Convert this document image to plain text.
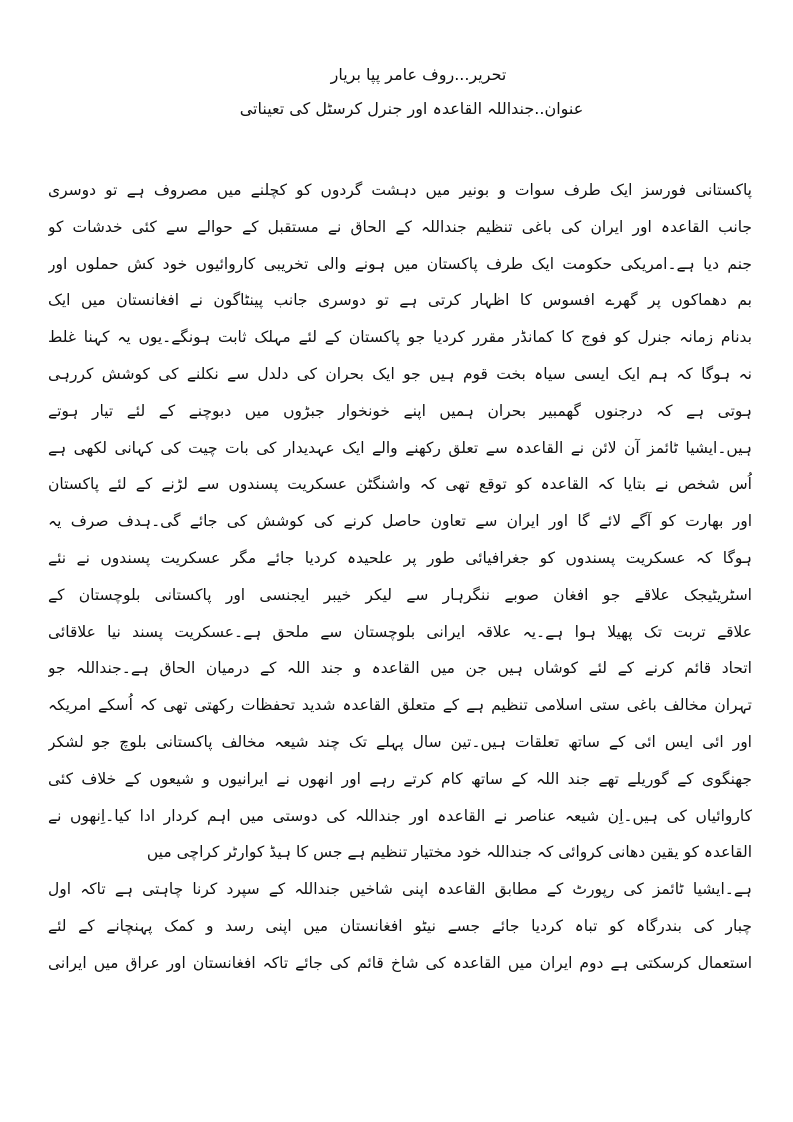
تحریر...روف عامر پپا بریار
عنوان..جنداللہ القاعدہ اور جنرل کرسٹل کی تعیناتی
پاکستانی فورسز ایک طرف سوات و بونیر میں دہشت گردوں کو کچلنے میں مصروف ہے تو دوسری
جانب القاعدہ اور ایران کی باغی تنظیم جنداللہ کے الحاق نے مستقبل کے حوالے سے کئی خدشات کو
جنم دیا ہے۔امریکی حکومت ایک طرف پاکستان میں ہونے والی تخریبی کاروائیوں خود کش حملوں اور
بم دھماکوں پر گھرے افسوس کا اظہار کرتی ہے تو دوسری جانب پینٹاگون نے افغانستان میں ایک
بدنام زمانہ جنرل کو فوج کا کمانڈر مقرر کردیا جو پاکستان کے لئے مہلک ثابت ہونگے۔یوں یہ کہنا غلط
نہ ہوگا کہ ہم ایک ایسی سیاہ بخت قوم ہیں جو ایک بحران کی دلدل سے نکلنے کی کوشش کررہی
ہوتی ہے کہ درجنوں گھمبیر بحران ہمیں اپنے خونخوار جبڑوں میں دبوچنے کے لئے تیار ہوتے
ہیں۔ایشیا ٹائمز آن لائن نے القاعدہ سے تعلق رکھنے والے ایک عہدیدار کی بات چیت کی کہانی لکھی ہے
اُس شخص نے بتایا کہ القاعدہ کو توقع تھی کہ واشنگٹن عسکریت پسندوں سے لڑنے کے لئے پاکستان
اور بھارت کو آگے لائے گا اور ایران سے تعاون حاصل کرنے کی کوشش کی جائے گی۔ہدف صرف یہ
ہوگا کہ عسکریت پسندوں کو جغرافیائی طور پر علحیدہ کردیا جائے مگر عسکریت پسندوں نے نئے
اسٹریٹیجک علاقے جو افغان صوبے ننگرہار سے لیکر خیبر ایجنسی اور پاکستانی بلوچستان کے
علاقے تربت تک پھیلا ہوا ہے۔یہ علاقہ ایرانی بلوچستان سے ملحق ہے۔عسکریت پسند نیا علاقائی
اتحاد قائم کرنے کے لئے کوشاں ہیں جن میں القاعدہ و جند اللہ کے درمیان الحاق ہے۔جنداللہ جو
تہران مخالف باغی ستی اسلامی تنظیم ہے کے متعلق القاعدہ شدید تحفظات رکھتی تھی کہ اُسکے امریکہ
اور ائی ایس ائی کے ساتھ تعلقات ہیں۔تین سال پہلے تک چند شیعہ مخالف پاکستانی بلوچ جو لشکر
جھنگوی کے گوریلے تھے جند اللہ کے ساتھ کام کرتے رہے اور انھوں نے ایرانیوں و شیعوں کے خلاف کئی
کاروائیاں کی ہیں۔اِن شیعہ عناصر نے القاعدہ اور جنداللہ کی دوستی میں اہم کردار ادا کیا۔اِنھوں نے
القاعدہ کو یقین دھانی کروائی کہ جنداللہ خود مختیار تنظیم ہے جس کا ہیڈ کوارٹر کراچی میں
ہے۔ایشیا ٹائمز کی رپورٹ کے مطابق القاعدہ اپنی شاخیں جنداللہ کے سپرد کرنا چاہتی ہے تاکہ اول
چبار کی بندرگاہ کو تباہ کردیا جائے جسے نیٹو افغانستان میں اپنی رسد و کمک پہنچانے کے لئے
استعمال کرسکتی ہے دوم ایران میں القاعدہ کی شاخ قائم کی جائے تاکہ افغانستان اور عراق میں ایرانی
